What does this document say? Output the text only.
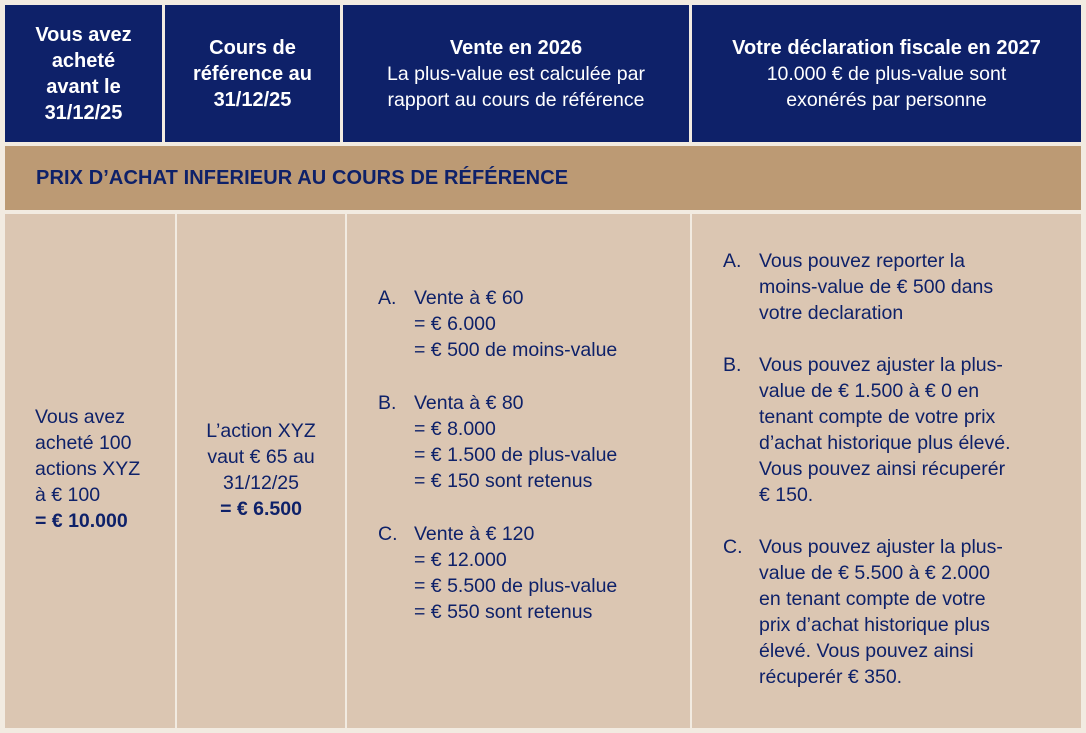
Vous avez
acheté
avant le
31/12/25
Cours de
référence au
31/12/25
Vente en 2026
La plus-value est calculée par
rapport au cours de référence
Votre déclaration fiscale en 2027
10.000 € de plus-value sont
exonérés par personne
PRIX D’ACHAT INFERIEUR AU COURS DE RÉFÉRENCE
Vous avez
acheté 100
actions XYZ
à € 100
= € 10.000
L’action XYZ
vaut € 65 au
31/12/25
= € 6.500
A. Vente à € 60
= € 6.000
= € 500 de moins-value
B. Venta à € 80
= € 8.000
= € 1.500 de plus-value
= € 150 sont retenus
C. Vente à € 120
= € 12.000
= € 5.500 de plus-value
= € 550 sont retenus
A. Vous pouvez reporter la
moins-value de € 500 dans
votre declaration
B. Vous pouvez ajuster la plus-
value de € 1.500 à € 0 en
tenant compte de votre prix
d’achat historique plus élevé.
Vous pouvez ainsi récuperér
€ 150.
C. Vous pouvez ajuster la plus-
value de € 5.500 à € 2.000
en tenant compte de votre
prix d’achat historique plus
élevé. Vous pouvez ainsi
récuperér € 350.
